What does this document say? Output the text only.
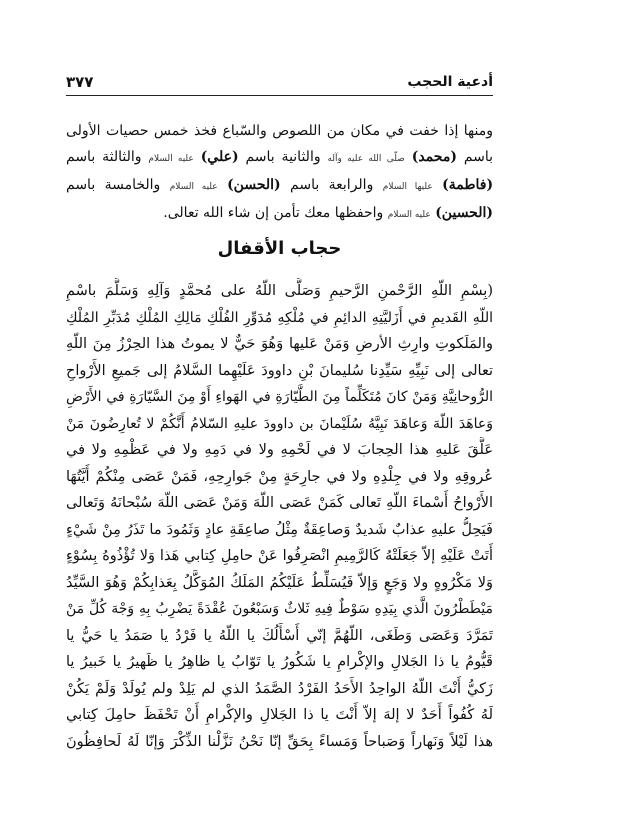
أدعية الحجب
٣٧٧
ومنها إذا خفت في مكان من اللصوص والسّباع فخذ خمس حصيات الأولى باسم (محمد) صلّى الله عليه وآله والثانية باسم (علي) عليه السلام والثالثة باسم (فاطمة) عليها السلام والرابعة باسم (الحسن) عليه السلام والخامسة باسم (الحسين) عليه السلام واحفظها معك تأمن إن شاء الله تعالى.
حجاب الأقفال
(بِسْمِ اللّهِ الرَّحْمنِ الرَّحيمِ وَصَلَّى اللّهُ على مُحمَّدٍ وَآلِهِ وَسَلَّمَ باسْمِ
اللّهِ القَديمِ في أَزَليَّتِهِ الدائِمِ في مُلْكِهِ مُدَوِّرِ الفُلْكِ مَالِكِ المُلْكِ مُدَبِّرِ المُلْكِ
والمَلَكوتِ وارِثِ الأرضِ وَمَنْ عَليها وَهُوَ حَيٌّ لا يموتُ هذا الحِرْزُ مِنَ اللّهِ
تعالى إلى نَبِيِّهِ سَيِّدِنا سُليمانَ بْنِ داوودَ عَلَيْهِما السَّلامُ إلى جَميعِ الأَرْواحِ
الرُّوحانِيَّةِ وَمَنْ كانَ مُتَكَلِّماً مِنَ الطَّيّارَةِ في الهَواءِ أَوْ مِنَ السَّيّارَةِ في الأَرْضِ
وَعاهَدَ اللّهَ وَعاهَدَ نَبِيَّهُ سُلَيْمانَ بن داوودَ عليهِ السّلامُ أَنَّكُمْ لا تُعارِضُونَ مَنْ
عَلَّقَ عَليهِ هذا الحِجابَ لا في لَحْمِهِ ولا في دَمِهِ ولا في عَظْمِهِ ولا في
عُروقِهِ ولا في جِلْدِهِ ولا في جارِحَةٍ مِنْ جَوارِحِهِ، فَمَنْ عَصَى مِنْكُمْ أَيَّتُهَا
الأَرْواحُ أَسْماءَ اللّهِ تَعالى كَمَنْ عَصَى اللّهَ وَمَنْ عَصَى اللّهَ سُبْحانَهُ وَتَعالى
فَيَحِلُّ عليهِ عذابٌ شَديدٌ وَصاعِقَةٌ مِثْلُ صاعِقَةِ عادٍ وَثَمُودَ ما تَذَرُ مِنْ شَيْءٍ
أَتَتْ عَلَيْهِ إلاّ جَعَلَتْهُ كَالرَّمِيمِ انْصَرِفُوا عَنْ حامِلِ كِتابي هَذا وَلا تُؤْذُوهُ بِسُوْءٍ
وَلا مَكْرُوهٍ ولا وَجَعٍ وَإلاّ فَيُسَلِّطُ عَلَيْكُمُ المَلَكُ المُوَكَّلُ بِعَذابِكُمْ وَهُوَ السَّيِّدُ
مَيْطَطْرُونَ الَّذي بِيَدِهِ سَوْطٌ فِيهِ ثَلاثٌ وَسَبْعُونَ عُقْدَةً يَضْرِبُ بِهِ وَجْهَ كُلِّ مَنْ
تَمَرَّدَ وَعَصَى وَطَغَى، اللّهُمَّ إنّي أَسْأَلُكَ يا اللّهُ يا فَرْدُ يا صَمَدُ يا حَيُّ يا
قَيُّومُ يا ذا الجَلالِ والإكْرامِ يا شَكُورُ يا تَوّابُ يا ظاهِرُ يا ظَهيرُ يا خَبيرُ يا
زَكيُّ أَنْتَ اللّهُ الواحِدُ الأَحَدُ الفَرْدُ الصَّمَدُ الذي لم يَلِدْ ولم يُولَدْ وَلَمْ يَكُنْ
لَهُ كُفُواً أَحَدٌ لا إلهَ إلاّ أَنْتَ يا ذا الجَلالِ والإكْرامِ أَنْ تَحْفَظَ حامِلَ كِتابي
هذا لَيْلاً وَنَهاراً وَصَباحاً وَمَساءً بِحَقِّ إنّا نَحْنُ نَزَّلْنا الذِّكْرَ وَإنّا لَهُ لَحافِظُونَ
